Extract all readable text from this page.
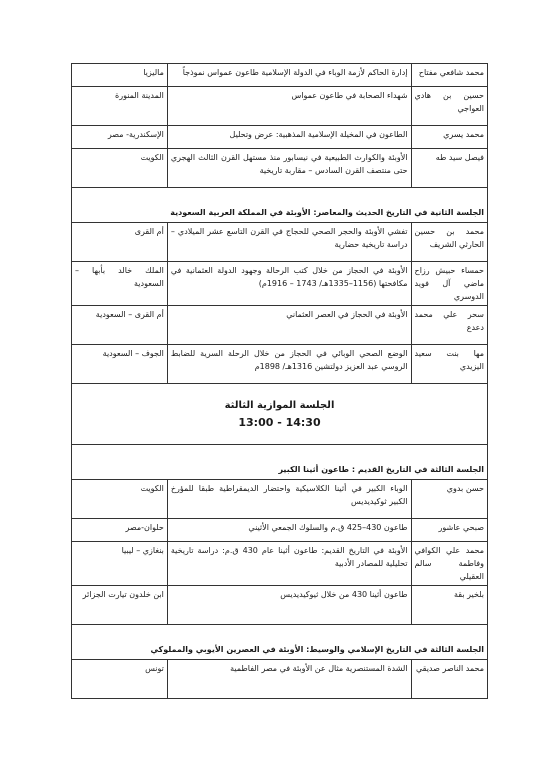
محمد شافعي مفتاح	إدارة الحاكم لأزمة الوباء في الدولة الإسلامية طاعون عمواس نموذجاً	ماليزيا
حسين بن هادي العواجي	شهداء الصحابة في طاعون عمواس	المدينة المنورة
محمد يسري	الطاعون في المخيلة الإسلامية المذهبية: عرض وتحليل	الإسكندرية- مصر
فيصل سيد طه	الأوبئة والكوارث الطبيعية في نيسابور منذ مستهل القرن الثالث الهجري حتى منتصف القرن السادس – مقاربة تاريخية	الكويت
الجلسة الثانية في التاريخ الحديث والمعاصر: الأوبئة في المملكة العربية السعودية		
محمد بن حسين الحارثي الشريف	تفشي الأوبئة والحجر الصحي للحجاج في القرن التاسع عشر الميلادي – دراسة تاريخية حضارية	أم القرى
حمساء حبيش رزاح ماضي آل فويد الدوسري	الأوبئة في الحجاز من خلال كتب الرحالة وجهود الدولة العثمانية في مكافحتها (1156–1335هـ/ 1743 – 1916م)	الملك خالد بأبها – السعودية
سحر علي محمد دعدع	الأوبئة في الحجاز في العصر العثماني	أم القرى – السعودية
مها بنت سعيد اليزيدي	الوضع الصحي الوبائي في الحجاز من خلال الرحلة السرية للضابط الروسي عبد العزيز دولتشين 1316هـ/ 1898م	الجوف – السعودية

الجلسة الموازية الثالثة
13:00 - 14:30		

الجلسة الثالثة في التاريخ القديم : طاعون أثينا الكبير		
حسن بدوي	الوباء الكبير في أثينا الكلاسيكية واحتضار الديمقراطية طبقا للمؤرخ الكبير ثوكيديديس	الكويت
صبحي عاشور	طاعون 430–425 ق.م والسلوك الجمعي الأثيني	حلوان-مصر
محمد علي الكوافي وفاطمة سالم العقيلي	الأوبئة في التاريخ القديم: طاعون أثينا عام 430 ق.م: دراسة تاريخية تحليلية للمصادر الأدبية	بنغازي – ليبيا
بلخير بقة	طاعون أثينا 430 من خلال ثيوكيديديس	ابن خلدون تيارت الجزائر
الجلسة الثالثة في التاريخ الإسلامي والوسيط: الأوبئة في العصرين الأيوبي والمملوكي		
محمد الناصر صديقي	الشدة المستنصرية مثال عن الأوبئة في مصر الفاطمية	تونس
